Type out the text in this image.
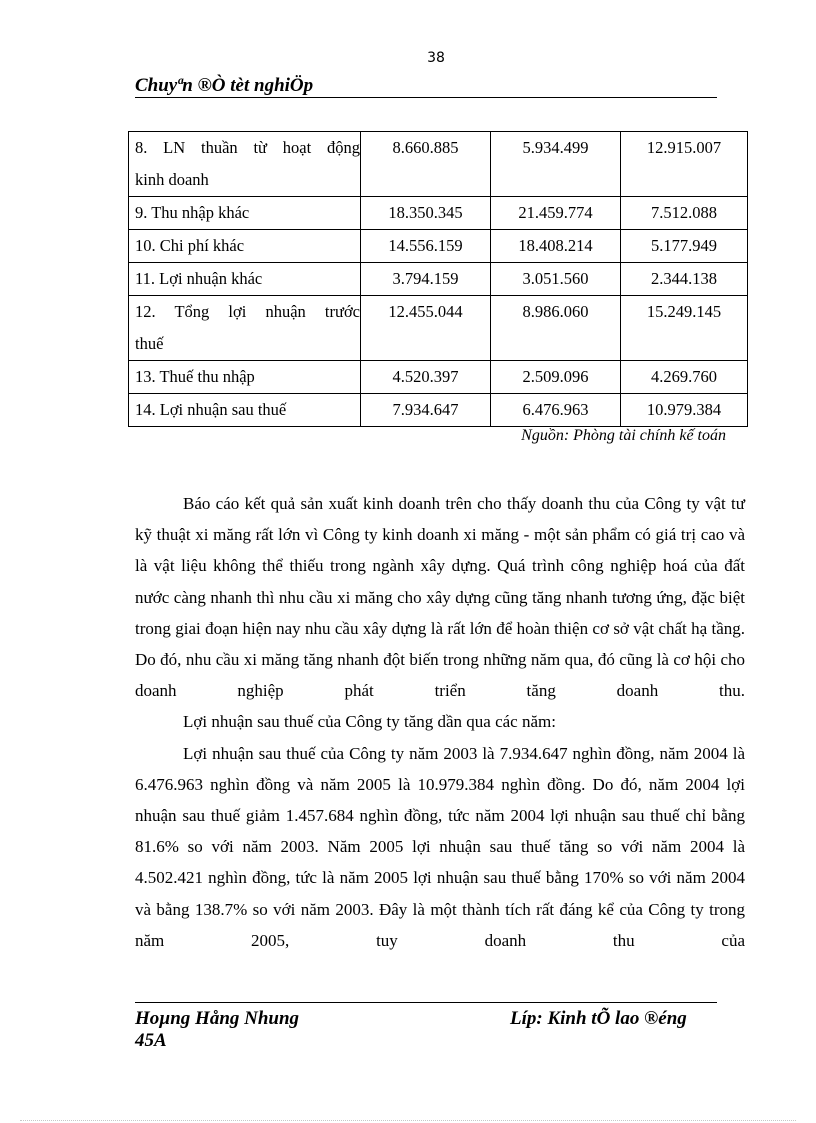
38
Chuyªn ®Ò tèt nghiÖp
8. LN thuần từ hoạt động
kinh doanh	8.660.885	5.934.499	12.915.007

9. Thu nhập khác	18.350.345	21.459.774	7.512.088

10. Chi phí khác	14.556.159	18.408.214	5.177.949

11. Lợi nhuận khác	3.794.159	3.051.560	2.344.138

12. Tổng lợi nhuận trước
thuế	12.455.044	8.986.060	15.249.145

13. Thuế thu nhập	4.520.397	2.509.096	4.269.760

14. Lợi nhuận sau thuế	7.934.647	6.476.963	10.979.384
Nguồn: Phòng tài chính kế toán

Báo cáo kết quả sản xuất kinh doanh trên cho thấy doanh thu của Công ty vật tư kỹ thuật xi măng rất lớn vì Công ty kinh doanh xi măng - một sản phẩm có giá trị cao và là vật liệu không thể thiếu trong ngành xây dựng. Quá trình công nghiệp hoá của đất nước càng nhanh thì nhu cầu xi măng cho xây dựng cũng tăng nhanh tương ứng, đặc biệt trong giai đoạn hiện nay nhu cầu xây dựng là rất lớn để hoàn thiện cơ sở vật chất hạ tầng. Do đó, nhu cầu xi măng tăng nhanh đột biến trong những năm qua, đó cũng là cơ hội cho doanh nghiệp phát triển tăng doanh thu.

Lợi nhuận sau thuế của Công ty tăng dần qua các năm:

Lợi nhuận sau thuế của Công ty năm 2003 là 7.934.647 nghìn đồng, năm 2004 là 6.476.963 nghìn đồng và năm 2005 là 10.979.384 nghìn đồng. Do đó, năm 2004 lợi nhuận sau thuế giảm 1.457.684 nghìn đồng, tức năm 2004 lợi nhuận sau thuế chỉ bằng 81.6% so với năm 2003. Năm 2005 lợi nhuận sau thuế tăng so với năm 2004 là 4.502.421 nghìn đồng, tức là năm 2005 lợi nhuận sau thuế bằng 170% so với năm 2004 và bằng 138.7% so với năm 2003. Đây là một thành tích rất đáng kể của Công ty trong năm 2005, tuy doanh thu của

Hoµng Hång Nhung	Líp: Kinh tÕ lao ®éng
45A
